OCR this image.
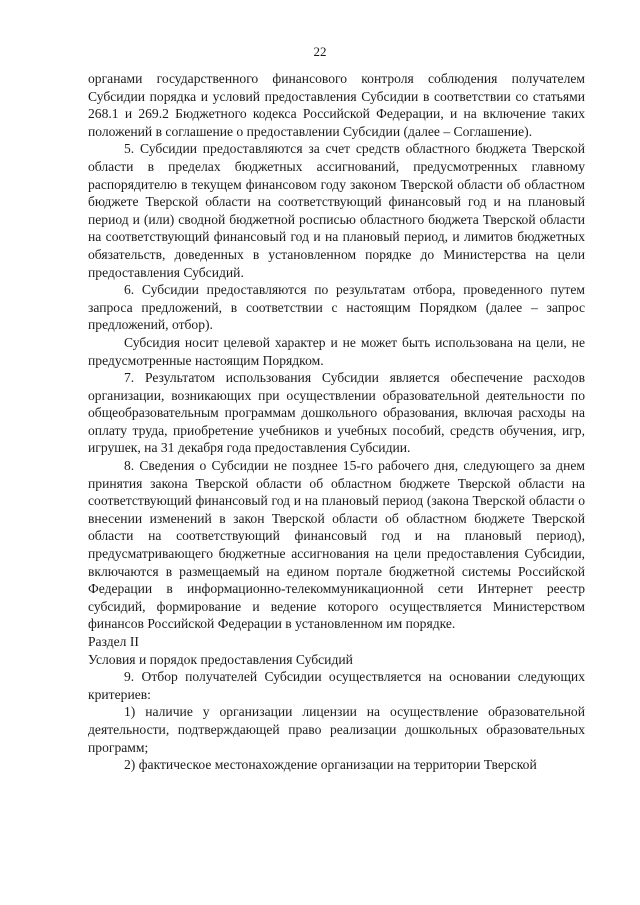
22

органами государственного финансового контроля соблюдения получателем Субсидии порядка и условий предоставления Субсидии в соответствии со статьями 268.1 и 269.2 Бюджетного кодекса Российской Федерации, и на включение таких положений в соглашение о предоставлении Субсидии (далее – Соглашение).

5. Субсидии предоставляются за счет средств областного бюджета Тверской области в пределах бюджетных ассигнований, предусмотренных главному распорядителю в текущем финансовом году законом Тверской области об областном бюджете Тверской области на соответствующий финансовый год и на плановый период и (или) сводной бюджетной росписью областного бюджета Тверской области на соответствующий финансовый год и на плановый период, и лимитов бюджетных обязательств, доведенных в установленном порядке до Министерства на цели предоставления Субсидий.

6. Субсидии предоставляются по результатам отбора, проведенного путем запроса предложений, в соответствии с настоящим Порядком (далее – запрос предложений, отбор).

Субсидия носит целевой характер и не может быть использована на цели, не предусмотренные настоящим Порядком.

7. Результатом использования Субсидии является обеспечение расходов организации, возникающих при осуществлении образовательной деятельности по общеобразовательным программам дошкольного образования, включая расходы на оплату труда, приобретение учебников и учебных пособий, средств обучения, игр, игрушек, на 31 декабря года предоставления Субсидии.

8. Сведения о Субсидии не позднее 15-го рабочего дня, следующего за днем принятия закона Тверской области об областном бюджете Тверской области на соответствующий финансовый год и на плановый период (закона Тверской области о внесении изменений в закон Тверской области об областном бюджете Тверской области на соответствующий финансовый год и на плановый период), предусматривающего бюджетные ассигнования на цели предоставления Субсидии, включаются в размещаемый на едином портале бюджетной системы Российской Федерации в информационно-телекоммуникационной сети Интернет реестр субсидий, формирование и ведение которого осуществляется Министерством финансов Российской Федерации в установленном им порядке.

Раздел II

Условия и порядок предоставления Субсидий

9. Отбор получателей Субсидии осуществляется на основании следующих критериев:

1) наличие у организации лицензии на осуществление образовательной деятельности, подтверждающей право реализации дошкольных образовательных программ;

2) фактическое местонахождение организации на территории Тверской
